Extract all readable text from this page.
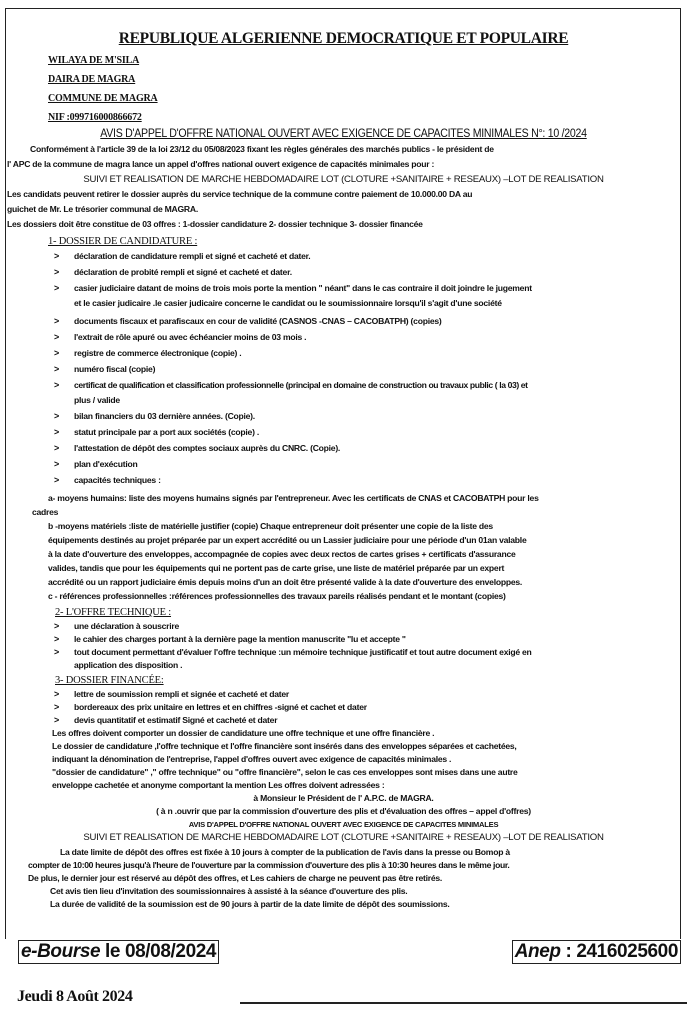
REPUBLIQUE ALGERIENNE DEMOCRATIQUE ET POPULAIRE
WILAYA DE M'SILA
DAIRA DE MAGRA
COMMUNE DE MAGRA
NIF :099716000866672
AVIS D'APPEL D'OFFRE NATIONAL OUVERT AVEC EXIGENCE DE CAPACITES MINIMALES N°: 10 /2024
Conformément à l'article 39 de la loi 23/12 du 05/08/2023 fixant les règles générales des marchés publics - le président de
l' APC de la commune de magra lance un appel d'offres national ouvert exigence de capacités minimales pour :
SUIVI ET REALISATION DE MARCHE HEBDOMADAIRE LOT (CLOTURE +SANITAIRE + RESEAUX) –LOT DE REALISATION
Les candidats peuvent retirer le dossier auprès du service technique de la commune contre paiement de 10.000.00 DA au
guichet de Mr. Le trésorier communal de MAGRA.
Les dossiers doit être constitue de 03 offres : 1-dossier candidature 2- dossier technique 3- dossier financée
1- DOSSIER DE CANDIDATURE :
> déclaration de candidature rempli et signé et cacheté et dater.
> déclaration de probité rempli et signé et cacheté et dater.
> casier judiciaire datant de moins de trois mois porte la mention " néant" dans le cas contraire il doit joindre le jugement
et le casier judicaire .le casier judicaire concerne le candidat ou le soumissionnaire lorsqu'il s'agit d'une société
> documents fiscaux et parafiscaux en cour de validité (CASNOS -CNAS – CACOBATPH) (copies)
> l'extrait de rôle apuré ou avec échéancier moins de 03 mois .
> registre de commerce électronique (copie) .
> numéro fiscal (copie)
> certificat de qualification et classification professionnelle (principal en domaine de construction ou travaux public ( la 03) et
plus / valide
> bilan financiers du 03 dernière années. (Copie).
> statut principale par a port aux sociétés (copie) .
> l'attestation de dépôt des comptes sociaux auprès du CNRC. (Copie).
> plan d'exécution
> capacités techniques :
a- moyens humains: liste des moyens humains signés par l'entrepreneur. Avec les certificats de CNAS et CACOBATPH pour les
cadres
b -moyens matériels :liste de matérielle justifier (copie) Chaque entrepreneur doit présenter une copie de la liste des
équipements destinés au projet préparée par un expert accrédité ou un Lassier judiciaire pour une période d'un 01an valable
à la date d'ouverture des enveloppes, accompagnée de copies avec deux rectos de cartes grises + certificats d'assurance
valides, tandis que pour les équipements qui ne portent pas de carte grise, une liste de matériel préparée par un expert
accrédité ou un rapport judiciaire émis depuis moins d'un an doit être présenté valide à la date d'ouverture des enveloppes.
c - références professionnelles :références professionnelles des travaux pareils réalisés pendant et le montant (copies)
2- L'OFFRE TECHNIQUE :
> une déclaration à souscrire
> le cahier des charges portant à la dernière page la mention manuscrite "lu et accepte "
> tout document permettant d'évaluer l'offre technique :un mémoire technique justificatif et tout autre document exigé en
application des disposition .
3- DOSSIER FINANCÉE:
> lettre de soumission rempli et signée et cacheté et dater
> bordereaux des prix unitaire en lettres et en chiffres -signé et cachet et dater
> devis quantitatif et estimatif Signé et cacheté et dater
Les offres doivent comporter un dossier de candidature une offre technique et une offre financière .
Le dossier de candidature ,l'offre technique et l'offre financière sont insérés dans des enveloppes séparées et cachetées,
indiquant la dénomination de l'entreprise, l'appel d'offres ouvert avec exigence de capacités minimales .
"dossier de candidature" ," offre technique" ou "offre financière", selon le cas ces enveloppes sont mises dans une autre
enveloppe cachetée et anonyme comportant la mention Les offres doivent adressées :
à Monsieur le Président de l' A.P.C. de MAGRA.
( à n .ouvrir que par la commission d'ouverture des plis et d'évaluation des offres – appel d'offres)
AVIS D'APPEL D'OFFRE NATIONAL OUVERT AVEC EXIGENCE DE CAPACITES MINIMALES
SUIVI ET REALISATION DE MARCHE HEBDOMADAIRE LOT (CLOTURE +SANITAIRE + RESEAUX) –LOT DE REALISATION
La date limite de dépôt des offres est fixée à 10 jours à compter de la publication de l'avis dans la presse ou Bomop à
compter de 10:00 heures jusqu'à l'heure de l'ouverture par la commission d'ouverture des plis à 10:30 heures dans le même jour.
De plus, le dernier jour est réservé au dépôt des offres, et Les cahiers de charge ne peuvent pas être retirés.
Cet avis tien lieu d'invitation des soumissionnaires à assisté à la séance d'ouverture des plis.
La durée de validité de la soumission est de 90 jours à partir de la date limite de dépôt des soumissions.
e-Bourse le 08/08/2024	Anep : 2416025600
Jeudi 8 Août 2024
